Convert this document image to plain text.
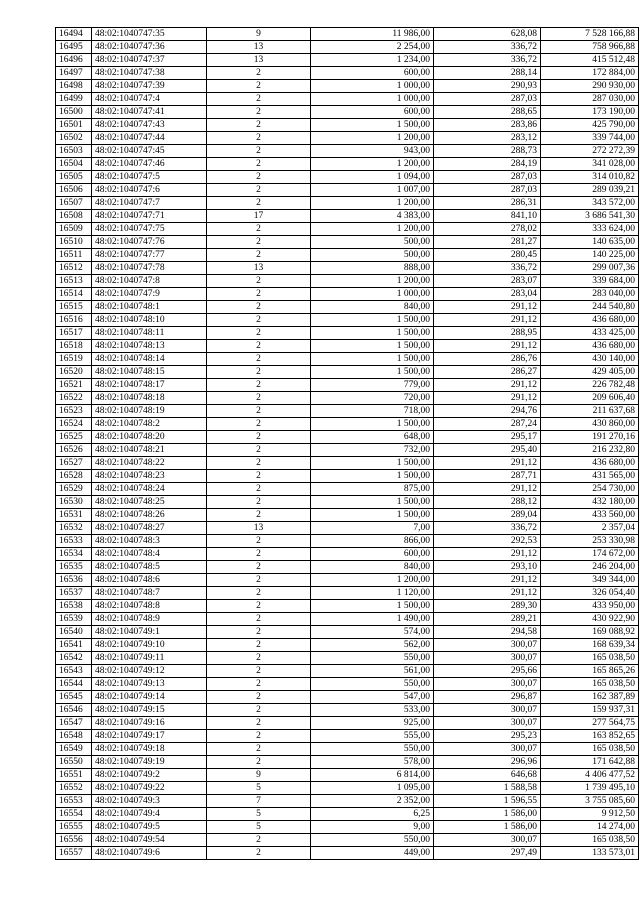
16494	48:02:1040747:35	9	11 986,00	628,08	7 528 166,88
16495	48:02:1040747:36	13	2 254,00	336,72	758 966,88
16496	48:02:1040747:37	13	1 234,00	336,72	415 512,48
16497	48:02:1040747:38	2	600,00	288,14	172 884,00
16498	48:02:1040747:39	2	1 000,00	290,93	290 930,00
16499	48:02:1040747:4	2	1 000,00	287,03	287 030,00
16500	48:02:1040747:41	2	600,00	288,65	173 190,00
16501	48:02:1040747:43	2	1 500,00	283,86	425 790,00
16502	48:02:1040747:44	2	1 200,00	283,12	339 744,00
16503	48:02:1040747:45	2	943,00	288,73	272 272,39
16504	48:02:1040747:46	2	1 200,00	284,19	341 028,00
16505	48:02:1040747:5	2	1 094,00	287,03	314 010,82
16506	48:02:1040747:6	2	1 007,00	287,03	289 039,21
16507	48:02:1040747:7	2	1 200,00	286,31	343 572,00
16508	48:02:1040747:71	17	4 383,00	841,10	3 686 541,30
16509	48:02:1040747:75	2	1 200,00	278,02	333 624,00
16510	48:02:1040747:76	2	500,00	281,27	140 635,00
16511	48:02:1040747:77	2	500,00	280,45	140 225,00
16512	48:02:1040747:78	13	888,00	336,72	299 007,36
16513	48:02:1040747:8	2	1 200,00	283,07	339 684,00
16514	48:02:1040747:9	2	1 000,00	283,04	283 040,00
16515	48:02:1040748:1	2	840,00	291,12	244 540,80
16516	48:02:1040748:10	2	1 500,00	291,12	436 680,00
16517	48:02:1040748:11	2	1 500,00	288,95	433 425,00
16518	48:02:1040748:13	2	1 500,00	291,12	436 680,00
16519	48:02:1040748:14	2	1 500,00	286,76	430 140,00
16520	48:02:1040748:15	2	1 500,00	286,27	429 405,00
16521	48:02:1040748:17	2	779,00	291,12	226 782,48
16522	48:02:1040748:18	2	720,00	291,12	209 606,40
16523	48:02:1040748:19	2	718,00	294,76	211 637,68
16524	48:02:1040748:2	2	1 500,00	287,24	430 860,00
16525	48:02:1040748:20	2	648,00	295,17	191 270,16
16526	48:02:1040748:21	2	732,00	295,40	216 232,80
16527	48:02:1040748:22	2	1 500,00	291,12	436 680,00
16528	48:02:1040748:23	2	1 500,00	287,71	431 565,00
16529	48:02:1040748:24	2	875,00	291,12	254 730,00
16530	48:02:1040748:25	2	1 500,00	288,12	432 180,00
16531	48:02:1040748:26	2	1 500,00	289,04	433 560,00
16532	48:02:1040748:27	13	7,00	336,72	2 357,04
16533	48:02:1040748:3	2	866,00	292,53	253 330,98
16534	48:02:1040748:4	2	600,00	291,12	174 672,00
16535	48:02:1040748:5	2	840,00	293,10	246 204,00
16536	48:02:1040748:6	2	1 200,00	291,12	349 344,00
16537	48:02:1040748:7	2	1 120,00	291,12	326 054,40
16538	48:02:1040748:8	2	1 500,00	289,30	433 950,00
16539	48:02:1040748:9	2	1 490,00	289,21	430 922,90
16540	48:02:1040749:1	2	574,00	294,58	169 088,92
16541	48:02:1040749:10	2	562,00	300,07	168 639,34
16542	48:02:1040749:11	2	550,00	300,07	165 038,50
16543	48:02:1040749:12	2	561,00	295,66	165 865,26
16544	48:02:1040749:13	2	550,00	300,07	165 038,50
16545	48:02:1040749:14	2	547,00	296,87	162 387,89
16546	48:02:1040749:15	2	533,00	300,07	159 937,31
16547	48:02:1040749:16	2	925,00	300,07	277 564,75
16548	48:02:1040749:17	2	555,00	295,23	163 852,65
16549	48:02:1040749:18	2	550,00	300,07	165 038,50
16550	48:02:1040749:19	2	578,00	296,96	171 642,88
16551	48:02:1040749:2	9	6 814,00	646,68	4 406 477,52
16552	48:02:1040749:22	5	1 095,00	1 588,58	1 739 495,10
16553	48:02:1040749:3	7	2 352,00	1 596,55	3 755 085,60
16554	48:02:1040749:4	5	6,25	1 586,00	9 912,50
16555	48:02:1040749:5	5	9,00	1 586,00	14 274,00
16556	48:02:1040749:54	2	550,00	300,07	165 038,50
16557	48:02:1040749:6	2	449,00	297,49	133 573,01
